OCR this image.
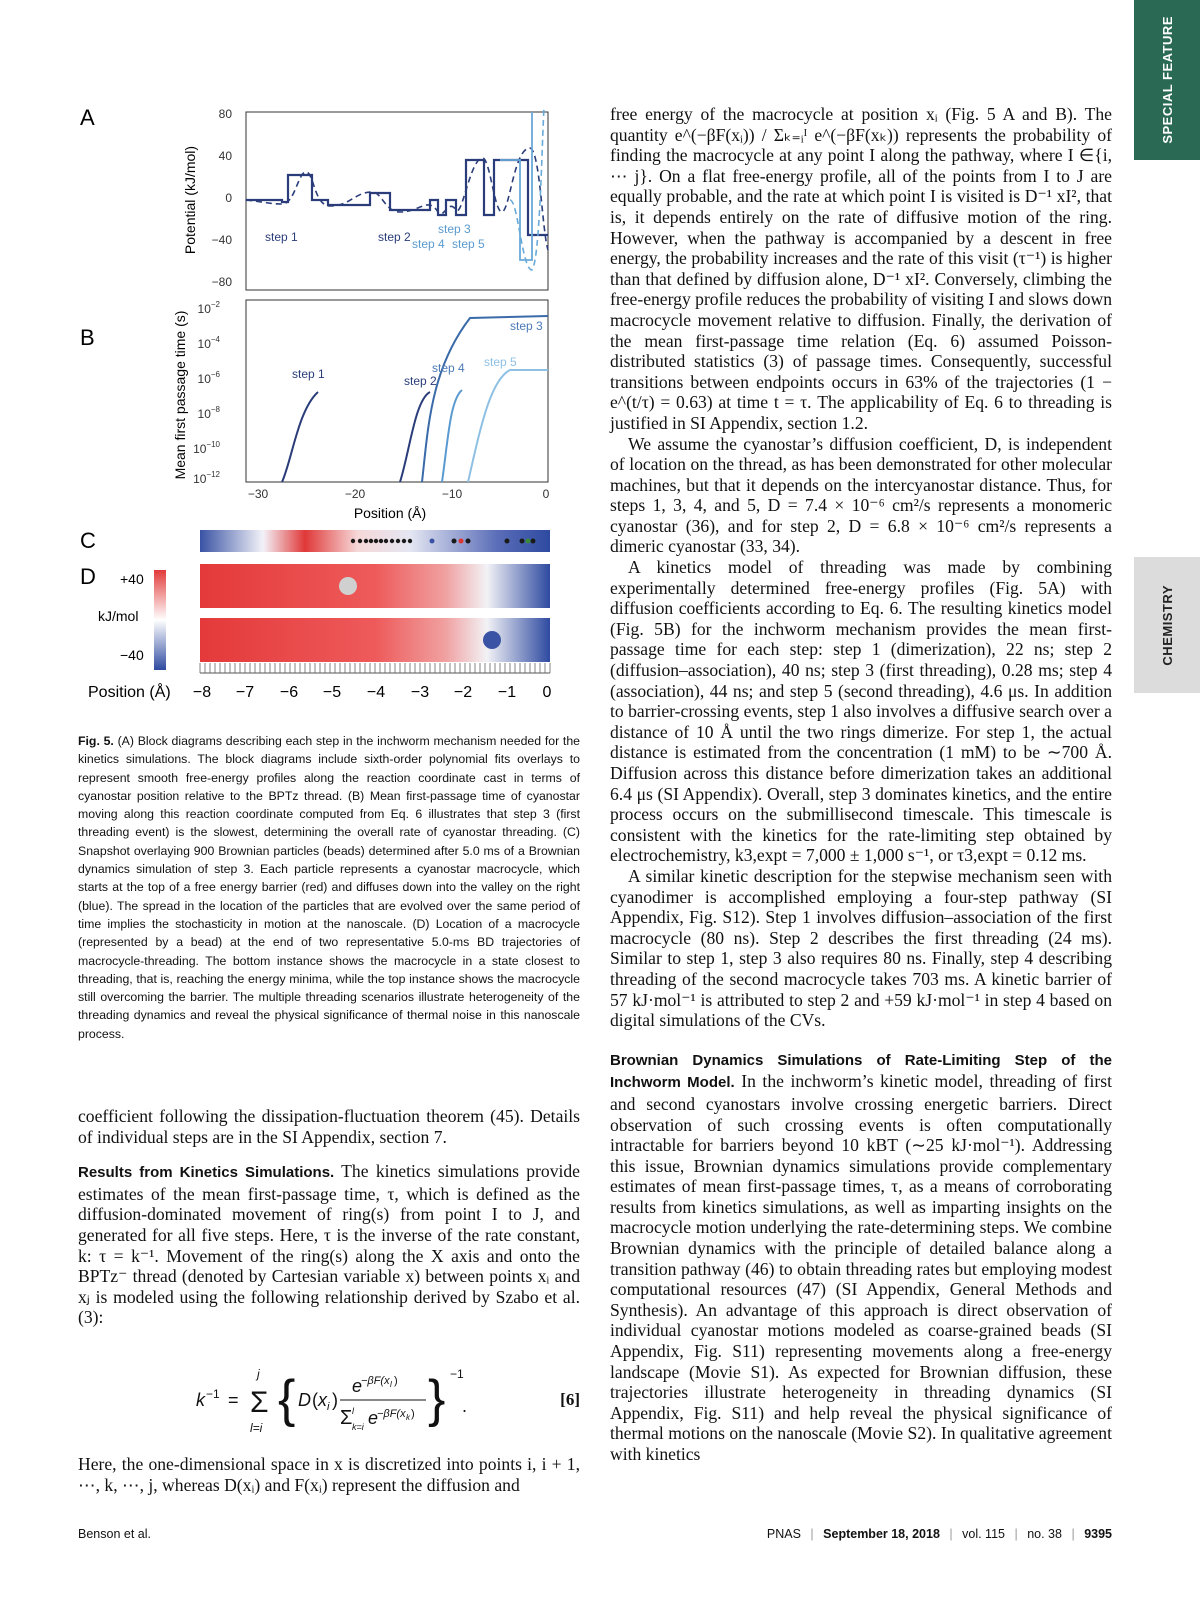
SPECIAL FEATURE
CHEMISTRY
A
B
C
D
Potential (kJ/mol)
80
40
0
−40
−80
step 1	step 2
step 3
step 4 step 5
Mean first passage time (s)
$10^{-2}$
$10^{-4}$
$10^{-6}$
$10^{-8}$
$10^{-10}$
$10^{-12}$
−30	−20	−10	0
Position (Å)
step 1	step 2
step 3
step 4 step 5
+40
kJ/mol
−40
Position (Å) −8 −7 −6 −5 −4 −3 −2 −1 0
Fig. 5. (A) Block diagrams describing each step in the inchworm mechanism needed for the kinetics simulations. The block diagrams include sixth-order polynomial fits overlays to represent smooth free-energy profiles along the reaction coordinate cast in terms of cyanostar position relative to the BPTz thread. (B) Mean first-passage time of cyanostar moving along this reaction coordinate computed from Eq. 6 illustrates that step 3 (first threading event) is the slowest, determining the overall rate of cyanostar threading. (C) Snapshot overlaying 900 Brownian particles (beads) determined after 5.0 ms of a Brownian dynamics simulation of step 3. Each particle represents a cyanostar macrocycle, which starts at the top of a free energy barrier (red) and diffuses down into the valley on the right (blue). The spread in the location of the particles that are evolved over the same period of time implies the stochasticity in motion at the nanoscale. (D) Location of a macrocycle (represented by a bead) at the end of two representative 5.0-ms BD trajectories of macrocycle-threading. The bottom instance shows the macrocycle in a state closest to threading, that is, reaching the energy minima, while the top instance shows the macrocycle still overcoming the barrier. The multiple threading scenarios illustrate heterogeneity of the threading dynamics and reveal the physical significance of thermal noise in this nanoscale process.

coefficient following the dissipation-fluctuation theorem (45). Details of individual steps are in the SI Appendix, section 7.

Results from Kinetics Simulations. The kinetics simulations provide estimates of the mean first-passage time, τ, which is defined as the diffusion-dominated movement of ring(s) from point I to J, and generated for all five steps. Here, τ is the inverse of the rate constant, k: τ = k⁻¹. Movement of the ring(s) along the X axis and onto the BPTz⁻ thread (denoted by Cartesian variable x) between points xᵢ and xⱼ is modeled using the following relationship derived by Szabo et al. (3):

k −1 = Σ
j
l=i { D ( x i )
e
−βF(x l )
Σ l
k=i e
−βF(x k ) } −1
.	[6]

Here, the one-dimensional space in x is discretized into points i, i + 1, ⋯, k, ⋯, j, whereas D(xᵢ) and F(xᵢ) represent the diffusion and

free energy of the macrocycle at position xᵢ (Fig. 5 A and B). The quantity e^(−βF(xᵢ)) / Σₖ₌ᵢᴵ e^(−βF(xₖ)) represents the probability of finding the macrocycle at any point I along the pathway, where I ∈{i, ⋯ j}. On a flat free-energy profile, all of the points from I to J are equally probable, and the rate at which point I is visited is D⁻¹ xI², that is, it depends entirely on the rate of diffusive motion of the ring. However, when the pathway is accompanied by a descent in free energy, the probability increases and the rate of this visit (τ⁻¹) is higher than that defined by diffusion alone, D⁻¹ xI². Conversely, climbing the free-energy profile reduces the probability of visiting I and slows down macrocycle movement relative to diffusion. Finally, the derivation of the mean first-passage time relation (Eq. 6) assumed Poisson-distributed statistics (3) of passage times. Consequently, successful transitions between endpoints occurs in 63% of the trajectories (1 − e^(t/τ) = 0.63) at time t = τ. The applicability of Eq. 6 to threading is justified in SI Appendix, section 1.2.

We assume the cyanostar’s diffusion coefficient, D, is independent of location on the thread, as has been demonstrated for other molecular machines, but that it depends on the intercyanostar distance. Thus, for steps 1, 3, 4, and 5, D = 7.4 × 10⁻⁶ cm²/s represents a monomeric cyanostar (36), and for step 2, D = 6.8 × 10⁻⁶ cm²/s represents a dimeric cyanostar (33, 34).

A kinetics model of threading was made by combining experimentally determined free-energy profiles (Fig. 5A) with diffusion coefficients according to Eq. 6. The resulting kinetics model (Fig. 5B) for the inchworm mechanism provides the mean first-passage time for each step: step 1 (dimerization), 22 ns; step 2 (diffusion–association), 40 ns; step 3 (first threading), 0.28 ms; step 4 (association), 44 ns; and step 5 (second threading), 4.6 μs. In addition to barrier-crossing events, step 1 also involves a diffusive search over a distance of 10 Å until the two rings dimerize. For step 1, the actual distance is estimated from the concentration (1 mM) to be ∼700 Å. Diffusion across this distance before dimerization takes an additional 6.4 μs (SI Appendix). Overall, step 3 dominates kinetics, and the entire process occurs on the submillisecond timescale. This timescale is consistent with the kinetics for the rate-limiting step obtained by electrochemistry, k3,expt = 7,000 ± 1,000 s⁻¹, or τ3,expt = 0.12 ms.

A similar kinetic description for the stepwise mechanism seen with cyanodimer is accomplished employing a four-step pathway (SI Appendix, Fig. S12). Step 1 involves diffusion–association of the first macrocycle (80 ns). Step 2 describes the first threading (24 ms). Similar to step 1, step 3 also requires 80 ns. Finally, step 4 describing threading of the second macrocycle takes 703 ms. A kinetic barrier of 57 kJ·mol⁻¹ is attributed to step 2 and +59 kJ·mol⁻¹ in step 4 based on digital simulations of the CVs.

Brownian Dynamics Simulations of Rate-Limiting Step of the Inchworm Model. In the inchworm’s kinetic model, threading of first and second cyanostars involve crossing energetic barriers. Direct observation of such crossing events is often computationally intractable for barriers beyond 10 kBT (∼25 kJ·mol⁻¹). Addressing this issue, Brownian dynamics simulations provide complementary estimates of mean first-passage times, τ, as a means of corroborating results from kinetics simulations, as well as imparting insights on the macrocycle motion underlying the rate-determining steps. We combine Brownian dynamics with the principle of detailed balance along a transition pathway (46) to obtain threading rates but employing modest computational resources (47) (SI Appendix, General Methods and Synthesis). An advantage of this approach is direct observation of individual cyanostar motions modeled as coarse-grained beads (SI Appendix, Fig. S11) representing movements along a free-energy landscape (Movie S1). As expected for Brownian diffusion, these trajectories illustrate heterogeneity in threading dynamics (SI Appendix, Fig. S11) and help reveal the physical significance of thermal motions on the nanoscale (Movie S2). In qualitative agreement with kinetics

Benson et al.	PNAS | September 18, 2018 | vol. 115 | no. 38 | 9395
